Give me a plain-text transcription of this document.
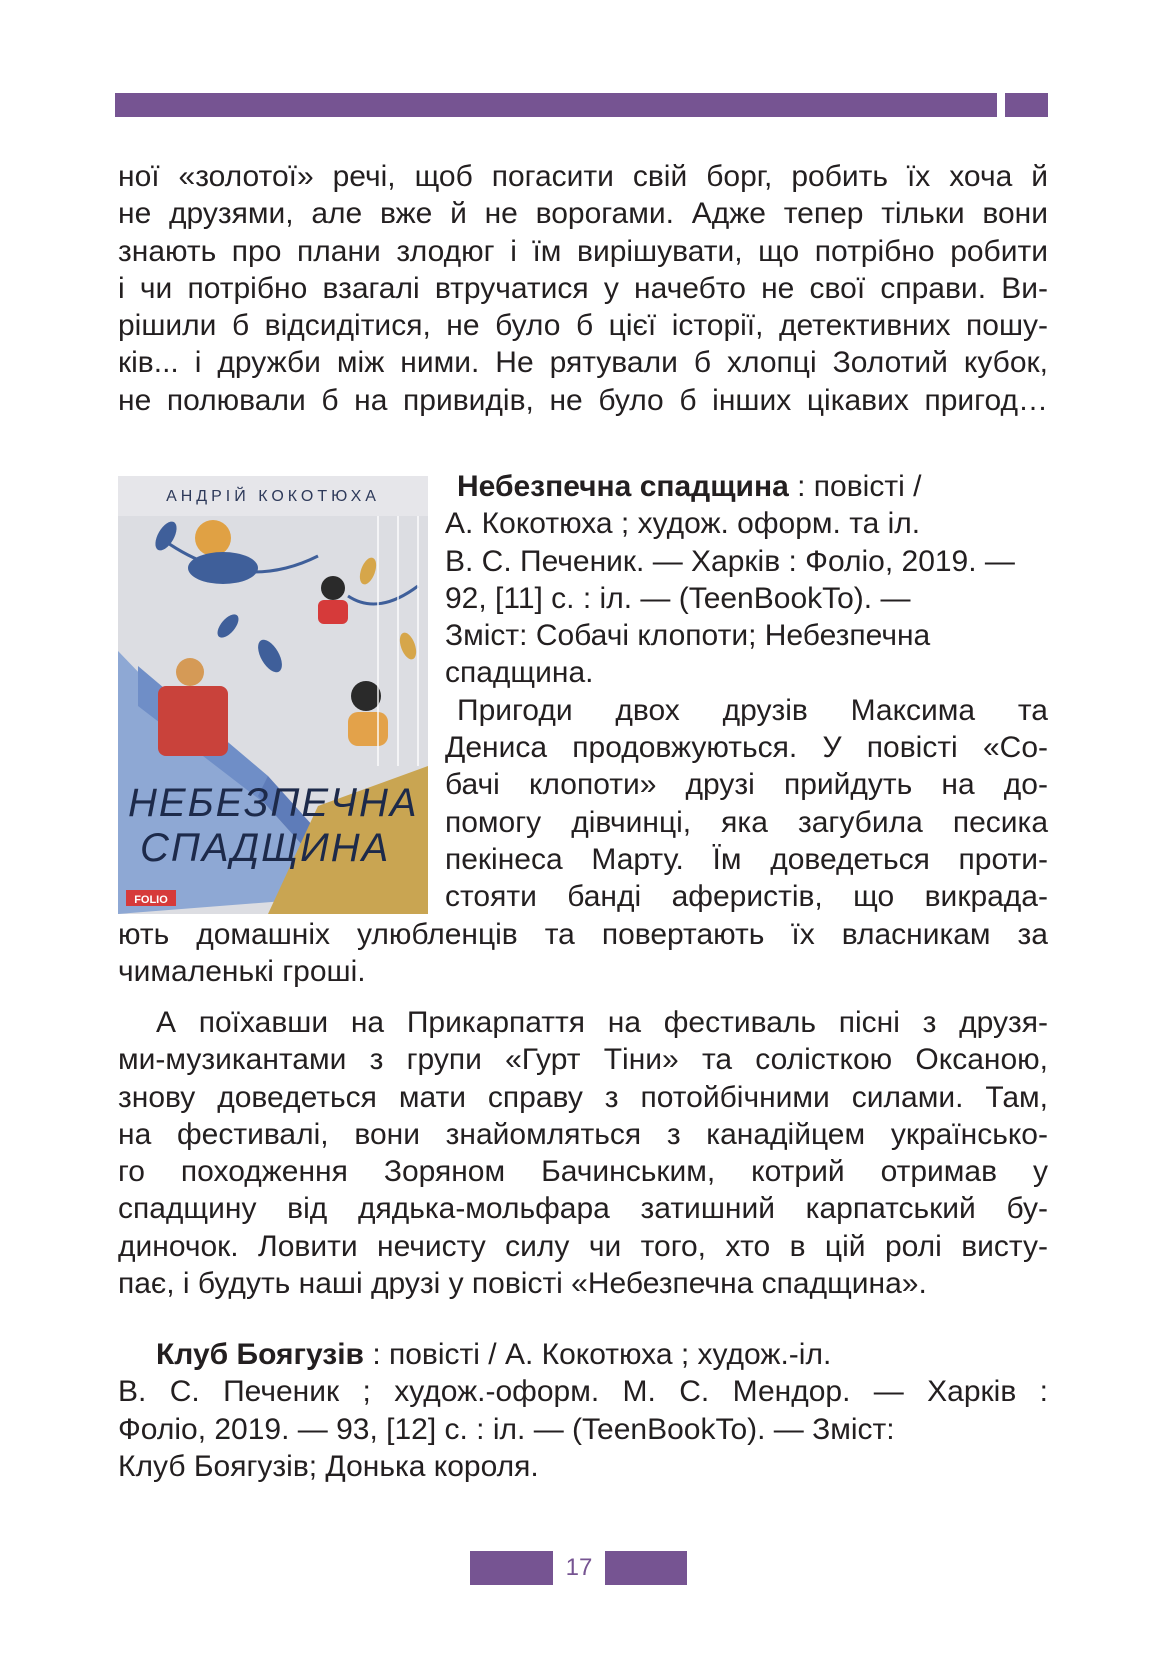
ної «золотої» речі, щоб погасити свій борг, робить їх хоча й
не друзями, але вже й не ворогами. Адже тепер тільки вони
знають про плани злодюг і їм вирішувати, що потрібно робити
і чи потрібно взагалі втручатися у начебто не свої справи. Ви-
рішили б відсидітися, не було б цієї історії, детективних пошу-
ків... і дружби між ними. Не рятували б хлопці Золотий кубок,
не полювали б на привидів, не було б інших цікавих пригод…
АНДРІЙ КОКОТЮХА
НЕБЕЗПЕЧНА
СПАДЩИНА
FOLIO
Небезпечна спадщина : повісті /
А. Кокотюха ; худож. оформ. та іл.
В. С. Печеник. — Харків : Фоліо, 2019. —
92, [11] с. : іл. — (TeenBookTo). —
Зміст: Собачі клопоти; Небезпечна
спадщина.
Пригоди двох друзів Максима та
Дениса продовжуються. У повісті «Со-
бачі клопоти» друзі прийдуть на до-
помогу дівчинці, яка загубила песика
пекінеса Марту. Їм доведеться проти-
стояти банді аферистів, що викрада-
ють домашніх улюбленців та повертають їх власникам за
чималенькі гроші.
А поїхавши на Прикарпаття на фестиваль пісні з друзя-
ми-музикантами з групи «Гурт Тіни» та солісткою Оксаною,
знову доведеться мати справу з потойбічними силами. Там,
на фестивалі, вони знайомляться з канадійцем українсько-
го походження Зоряном Бачинським, котрий отримав у
спадщину від дядька-мольфара затишний карпатський бу-
диночок. Ловити нечисту силу чи того, хто в цій ролі висту-
пає, і будуть наші друзі у повісті «Небезпечна спадщина».
Клуб Боягузів : повісті / А. Кокотюха ; худож.-іл.
В. С. Печеник ; худож.-оформ. М. С. Мендор. — Харків :
Фоліо, 2019. — 93, [12] с. : іл. — (TeenBookTo). — Зміст:
Клуб Боягузів; Донька короля.
17
